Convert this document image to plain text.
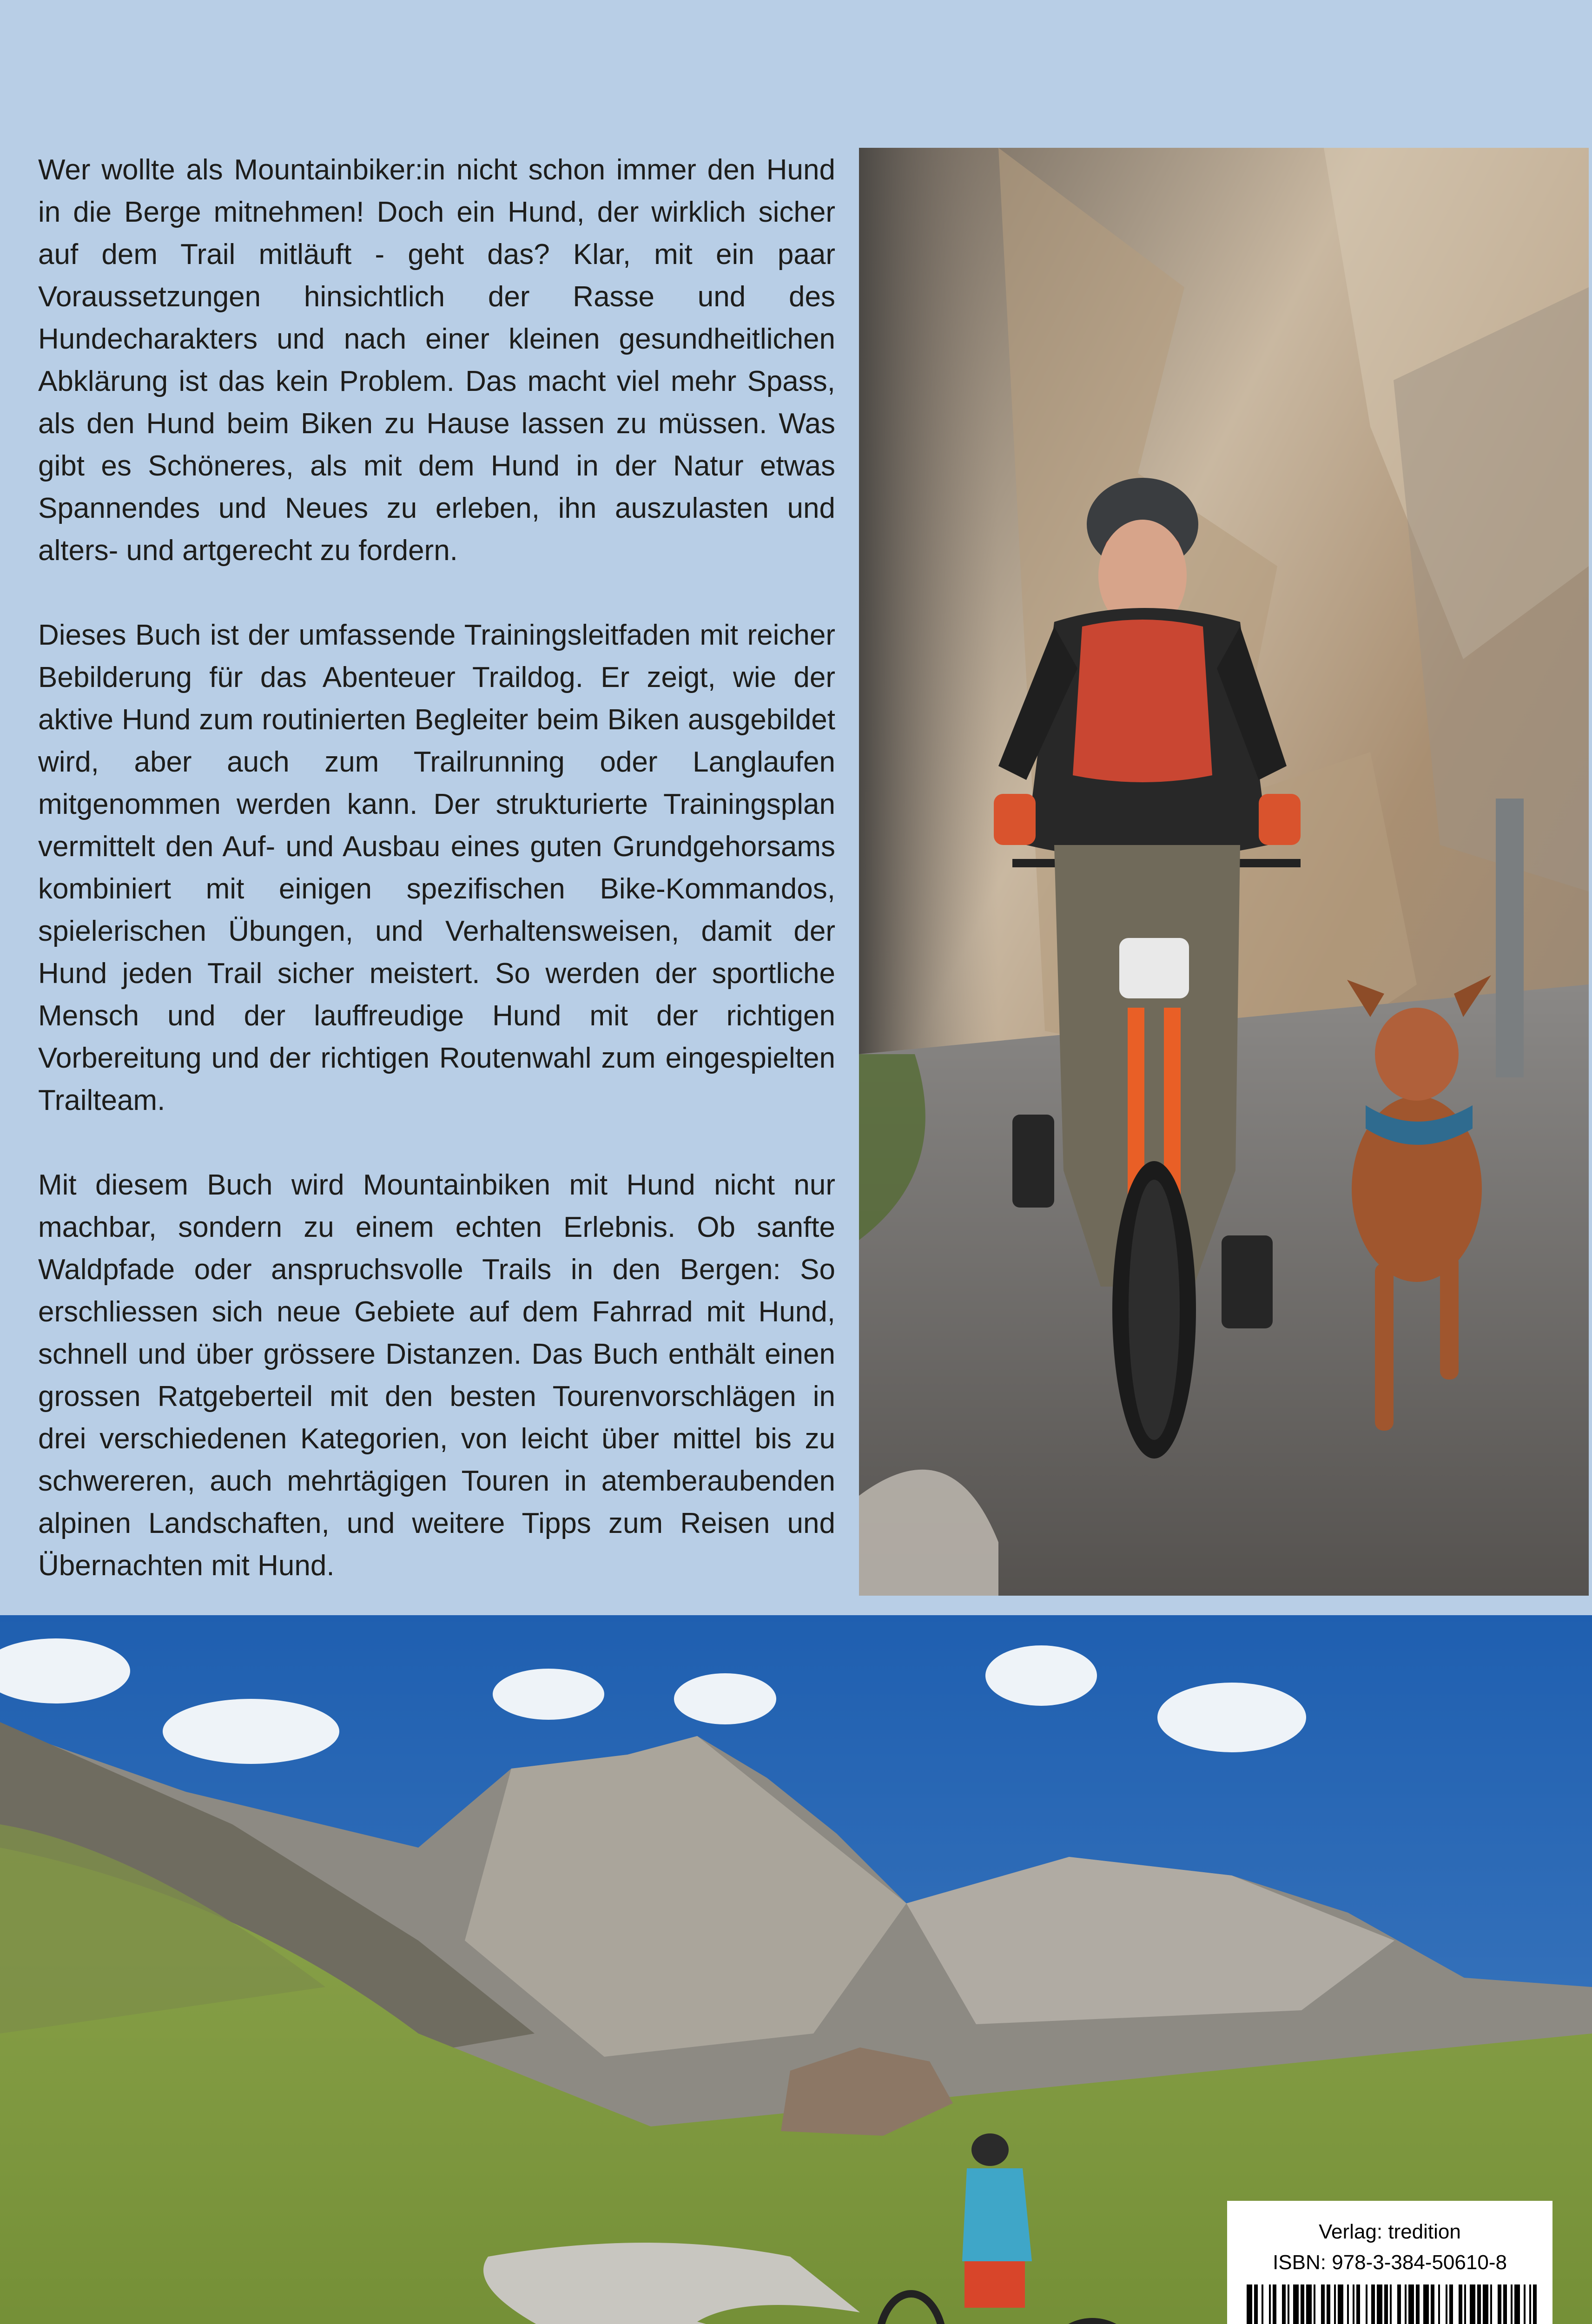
Wer wollte als Mountainbiker:in nicht schon immer den Hund in die Berge mitnehmen! Doch ein Hund, der wirklich sicher auf dem Trail mitläuft - geht das? Klar, mit ein paar Voraussetzungen hinsichtlich der Rasse und des Hundecharakters und nach einer kleinen gesundheitlichen Abklärung ist das kein Problem. Das macht viel mehr Spass, als den Hund beim Biken zu Hause lassen zu müssen. Was gibt es Schöneres, als mit dem Hund in der Natur etwas Spannendes und Neues zu erleben, ihn auszulasten und alters- und artgerecht zu fordern.

Dieses Buch ist der umfassende Trainingsleitfaden mit reicher Bebilderung für das Abenteuer Traildog. Er zeigt, wie der aktive Hund zum routinierten Begleiter beim Biken ausgebildet wird, aber auch zum Trailrunning oder Langlaufen mitgenommen werden kann. Der strukturierte Trainingsplan vermittelt den Auf- und Ausbau eines guten Grundgehorsams kombiniert mit einigen spezifischen Bike-Kommandos, spielerischen Übungen, und Verhaltensweisen, damit der Hund jeden Trail sicher meistert. So werden der sportliche Mensch und der lauffreudige Hund mit der richtigen Vorbereitung und der richtigen Routenwahl zum eingespielten Trailteam.

Mit diesem Buch wird Mountainbiken mit Hund nicht nur machbar, sondern zu einem echten Erlebnis. Ob sanfte Waldpfade oder anspruchsvolle Trails in den Bergen: So erschliessen sich neue Gebiete auf dem Fahrrad mit Hund, schnell und über grössere Distanzen. Das Buch enthält einen grossen Ratgeberteil mit den besten Tourenvorschlägen in drei verschiedenen Kategorien, von leicht über mittel bis zu schwereren, auch mehrtägigen Touren in atemberaubenden alpinen Landschaften, und weitere Tipps zum Reisen und Übernachten mit Hund.

Verlag: tredition
ISBN: 978-3-384-50610-8
